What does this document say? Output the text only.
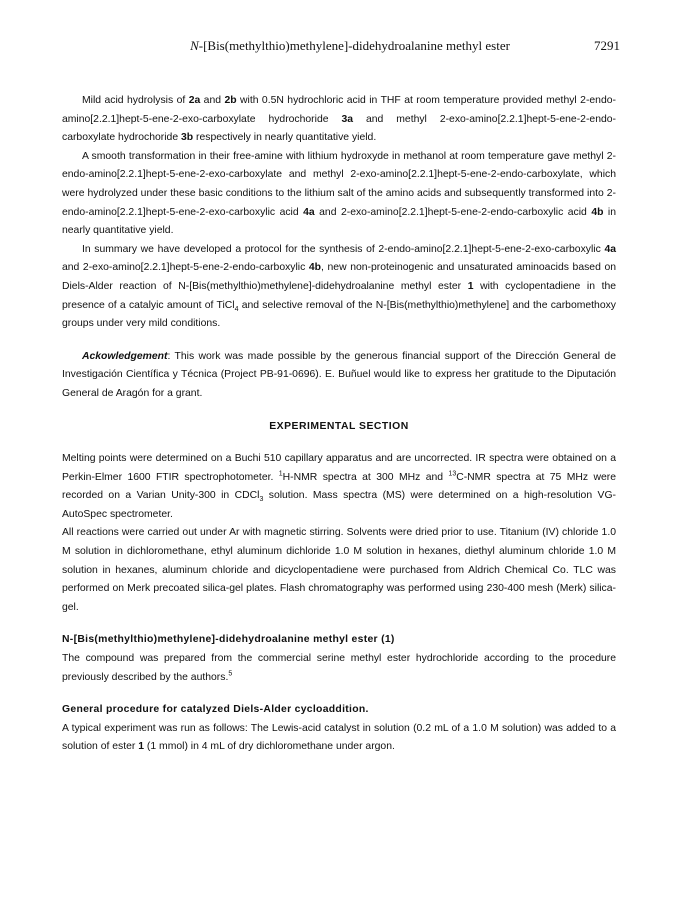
N-[Bis(methylthio)methylene]-didehydroalanine methyl ester	7291

Mild acid hydrolysis of 2a and 2b with 0.5N hydrochloric acid in THF at room temperature provided methyl 2-endo-amino[2.2.1]hept-5-ene-2-exo-carboxylate hydrochoride 3a and methyl 2-exo-amino[2.2.1]hept-5-ene-2-endo-carboxylate hydrochoride 3b respectively in nearly quantitative yield.

A smooth transformation in their free-amine with lithium hydroxyde in methanol at room temperature gave methyl 2-endo-amino[2.2.1]hept-5-ene-2-exo-carboxylate and methyl 2-exo-amino[2.2.1]hept-5-ene-2-endo-carboxylate, which were hydrolyzed under these basic conditions to the lithium salt of the amino acids and subsequently transformed into 2-endo-amino[2.2.1]hept-5-ene-2-exo-carboxylic acid 4a and 2-exo-amino[2.2.1]hept-5-ene-2-endo-carboxylic acid 4b in nearly quantitative yield.

In summary we have developed a protocol for the synthesis of 2-endo-amino[2.2.1]hept-5-ene-2-exo-carboxylic 4a and 2-exo-amino[2.2.1]hept-5-ene-2-endo-carboxylic 4b, new non-proteinogenic and unsaturated aminoacids based on Diels-Alder reaction of N-[Bis(methylthio)methylene]-didehydroalanine methyl ester 1 with cyclopentadiene in the presence of a catalyic amount of TiCl$_4$ and selective removal of the N-[Bis(methylthio)methylene] and the carbomethoxy groups under very mild conditions.

Ackowledgement: This work was made possible by the generous financial support of the Dirección General de Investigación Científica y Técnica (Project PB-91-0696). E. Buñuel would like to express her gratitude to the Diputación General de Aragón for a grant.

EXPERIMENTAL SECTION

Melting points were determined on a Buchi 510 capillary apparatus and are uncorrected. IR spectra were obtained on a Perkin-Elmer 1600 FTIR spectrophotometer. $^1$H-NMR spectra at 300 MHz and $^{13}$C-NMR spectra at 75 MHz were recorded on a Varian Unity-300 in CDCl$_3$ solution. Mass spectra (MS) were determined on a high-resolution VG-AutoSpec spectrometer.

All reactions were carried out under Ar with magnetic stirring. Solvents were dried prior to use. Titanium (IV) chloride 1.0 M solution in dichloromethane, ethyl aluminum dichloride 1.0 M solution in hexanes, diethyl aluminum chloride 1.0 M solution in hexanes, aluminum chloride and dicyclopentadiene were purchased from Aldrich Chemical Co. TLC was performed on Merk precoated silica-gel plates. Flash chromatography was performed using 230-400 mesh (Merk) silica-gel.

N-[Bis(methylthio)methylene]-didehydroalanine methyl ester (1)

The compound was prepared from the commercial serine methyl ester hydrochloride according to the procedure previously described by the authors.$^5$

General procedure for catalyzed Diels-Alder cycloaddition.

A typical experiment was run as follows: The Lewis-acid catalyst in solution (0.2 mL of a 1.0 M solution) was added to a solution of ester 1 (1 mmol) in 4 mL of dry dichloromethane under argon.
